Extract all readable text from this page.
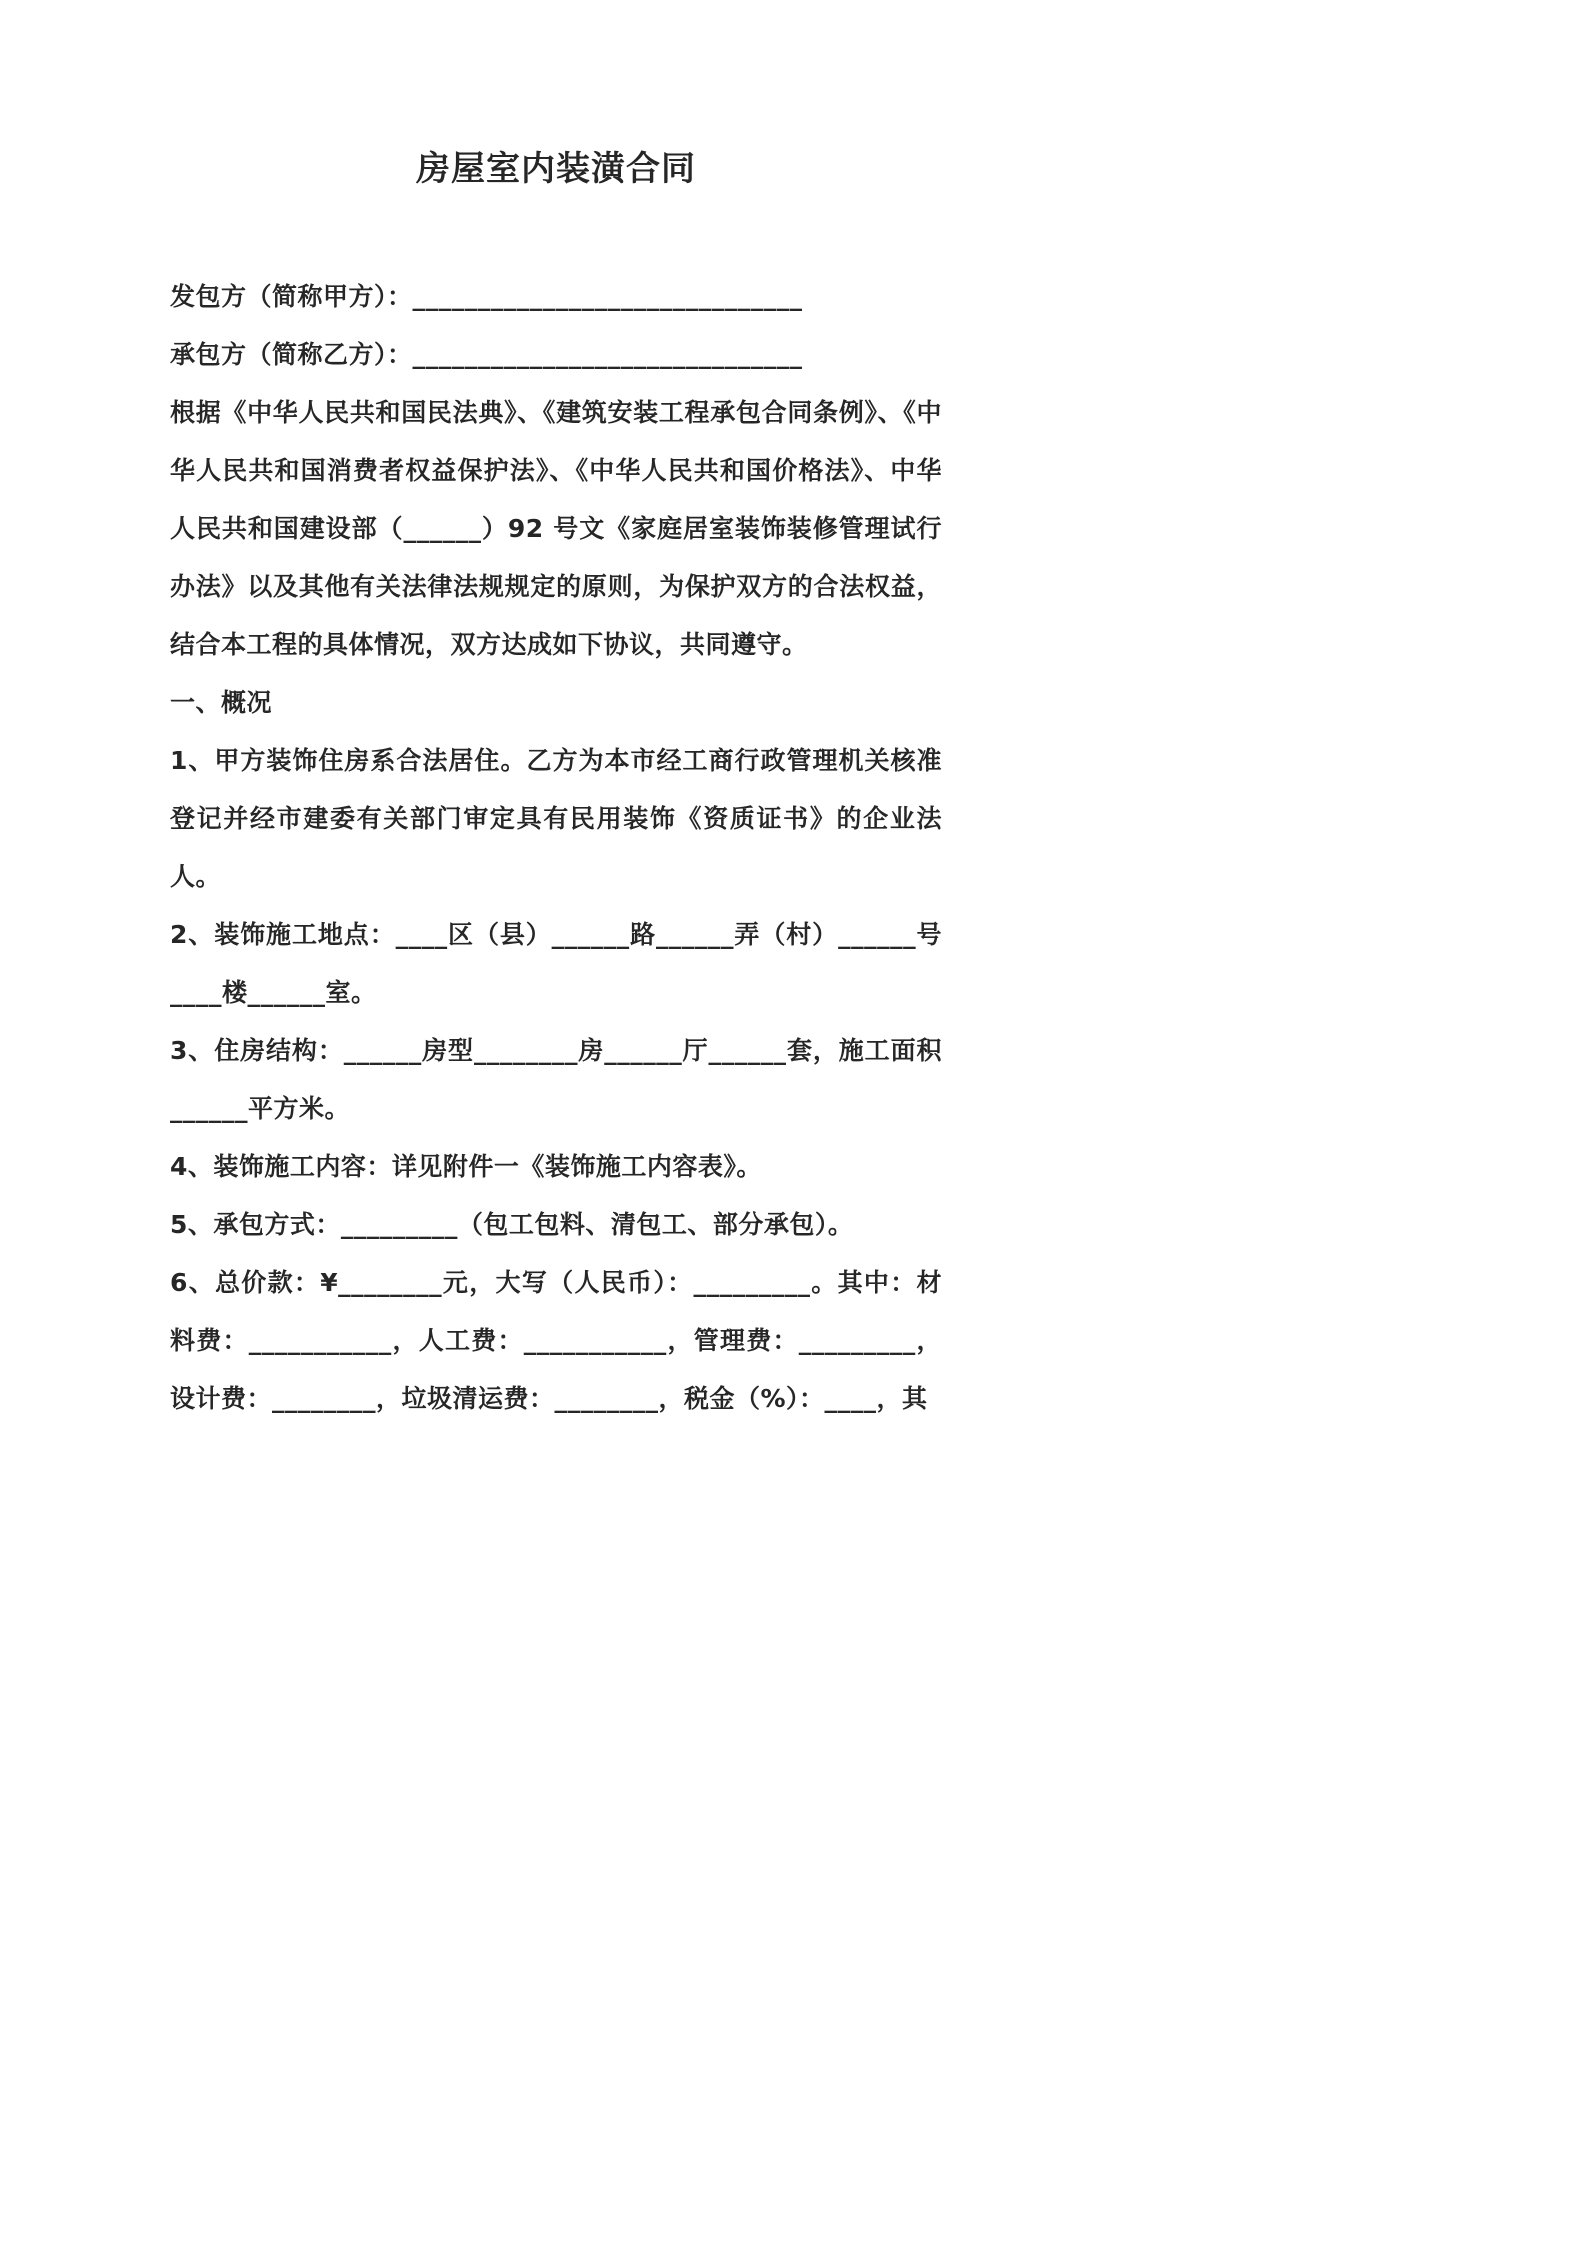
房屋室内装潢合同

发包方（简称甲方）：______________________________

承包方（简称乙方）：______________________________

根据《中华人民共和国民法典》、《建筑安装工程承包合同条例》、《中华人民共和国消费者权益保护法》、《中华人民共和国价格法》、中华人民共和国建设部（______）92 号文《家庭居室装饰装修管理试行办法》以及其他有关法律法规规定的原则，为保护双方的合法权益，结合本工程的具体情况，双方达成如下协议，共同遵守。

一、概况

1、甲方装饰住房系合法居住。乙方为本市经工商行政管理机关核准登记并经市建委有关部门审定具有民用装饰《资质证书》的企业法人。

2、装饰施工地点：____区（县）______路______弄（村）______号____楼______室。

3、住房结构：______房型________房______厅______套，施工面积______平方米。

4、装饰施工内容：详见附件一《装饰施工内容表》。

5、承包方式：_________（包工包料、清包工、部分承包）。

6、总价款：¥________元，大写（人民币）：_________。其中：材料费：___________，人工费：___________，管理费：_________，设计费：________，垃圾清运费：________，税金（%）：____，其
